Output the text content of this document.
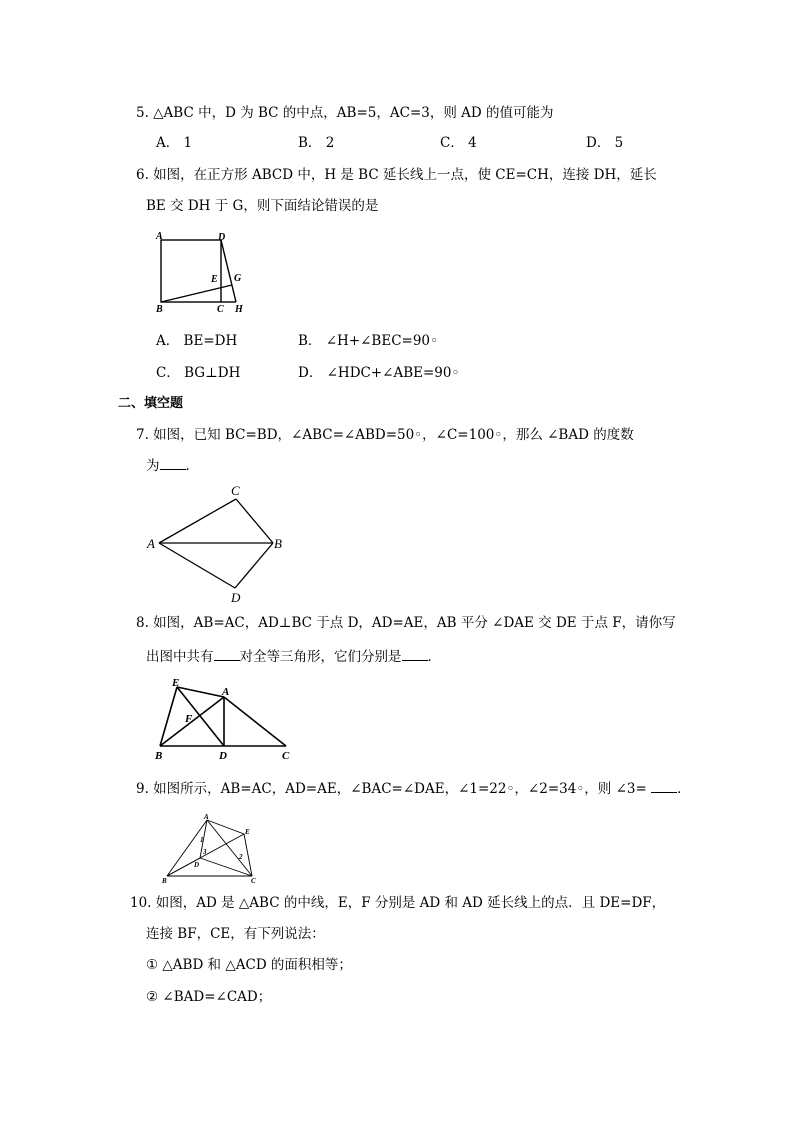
5. △ABC 中，D 为 BC 的中点，AB=5，AC=3，则 AD 的值可能为
A． 1	B． 2	C． 4	D． 5
6. 如图，在正方形 ABCD 中，H 是 BC 延长线上一点，使 CE=CH，连接 DH，延长
BE 交 DH 于 G，则下面结论错误的是
A	D
E G
B	C H
A． BE=DH	B． ∠H+∠BEC=90◦
C． BG⊥DH	D． ∠HDC+∠ABE=90◦
二、填空题
7. 如图，已知 BC=BD，∠ABC=∠ABD=50◦，∠C=100◦，那么 ∠BAD 的度数
为 ．
C
A	B
D
8. 如图，AB=AC，AD⊥BC 于点 D，AD=AE，AB 平分 ∠DAE 交 DE 于点 F，请你写
出图中共有 对全等三角形，它们分别是 ．
E
A
F
B	D	C
9. 如图所示，AB=AC，AD=AE，∠BAC=∠DAE，∠1=22◦，∠2=34◦，则 ∠3= ．
A
E
1
3
2
D
B	C
10. 如图，AD 是 △ABC 的中线，E，F 分别是 AD 和 AD 延长线上的点．且 DE=DF，
连接 BF，CE，有下列说法：
① △ABD 和 △ACD 的面积相等；
② ∠BAD=∠CAD；
